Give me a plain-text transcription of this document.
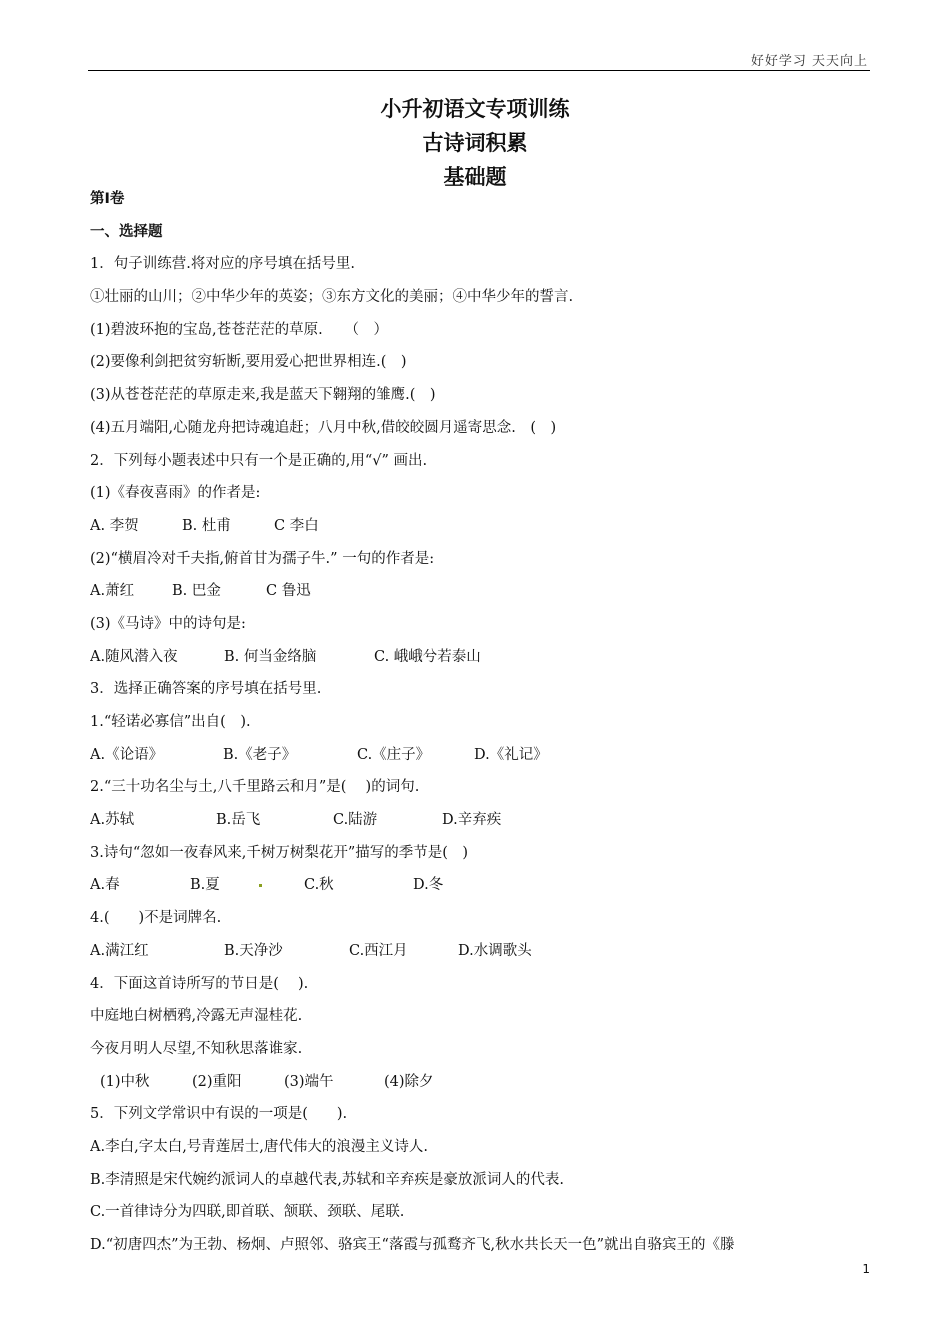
好好学习 天天向上
小升初语文专项训练
古诗词积累
基础题
第Ⅰ卷
一、选择题
1．句子训练营.将对应的序号填在括号里.
①壮丽的山川；②中华少年的英姿；③东方文化的美丽；④中华少年的誓言.
(1)碧波环抱的宝岛,苍苍茫茫的草原.　　（　）
(2)要像利剑把贫穷斩断,要用爱心把世界相连.(　)
(3)从苍苍茫茫的草原走来,我是蓝天下翱翔的雏鹰.(　)
(4)五月端阳,心随龙舟把诗魂追赶；八月中秋,借皎皎圆月遥寄思念.　(　)
2．下列每小题表述中只有一个是正确的,用“√” 画出.
(1)《春夜喜雨》的作者是:
A. 李贺	B. 杜甫	C 李白
(2)“横眉冷对千夫指,俯首甘为孺子牛.” 一句的作者是:
A.萧红	B. 巴金	C 鲁迅
(3)《马诗》中的诗句是:
A.随风潜入夜	B. 何当金络脑	C. 峨峨兮若泰山
3．选择正确答案的序号填在括号里.
1.“轻诺必寡信”出自(　).
A.《论语》	B.《老子》	C.《庄子》	D.《礼记》
2.“三十功名尘与土,八千里路云和月”是(　 )的词句.
A.苏轼	B.岳飞	C.陆游	D.辛弃疾
3.诗句“忽如一夜春风来,千树万树梨花开”描写的季节是(　)
A.春	B.夏	C.秋	D.冬
4.(　　)不是词牌名.
A.满江红	B.天净沙	C.西江月	D.水调歌头
4．下面这首诗所写的节日是(　 ).
中庭地白树栖鸦,冷露无声湿桂花.
今夜月明人尽望,不知秋思落谁家.
(1)中秋	(2)重阳	(3)端午	(4)除夕
5．下列文学常识中有误的一项是(　　).
A.李白,字太白,号青莲居士,唐代伟大的浪漫主义诗人.
B.李清照是宋代婉约派词人的卓越代表,苏轼和辛弃疾是豪放派词人的代表.
C.一首律诗分为四联,即首联、颔联、颈联、尾联.
D.“初唐四杰”为王勃、杨炯、卢照邻、骆宾王“落霞与孤鹜齐飞,秋水共长天一色”就出自骆宾王的《滕
1
